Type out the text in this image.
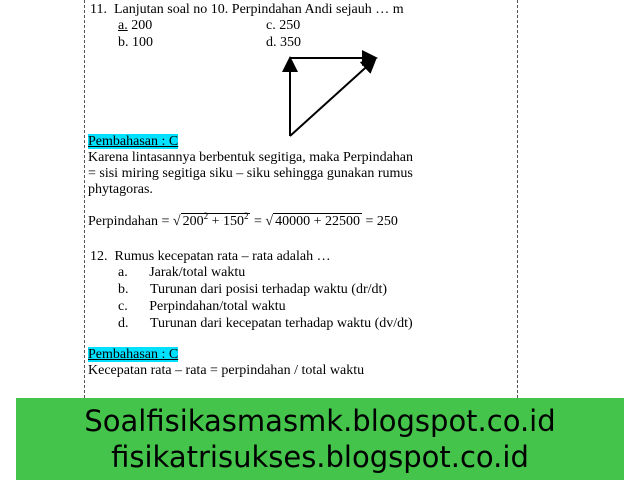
11. Lanjutan soal no 10. Perpindahan Andi sejauh … m
a. 200	c. 250
b. 100	d. 350
Pembahasan : C
Karena lintasannya berbentuk segitiga, maka Perpindahan
= sisi miring segitiga siku – siku sehingga gunakan rumus
phytagoras.
Perpindahan = √ $200^2 + 150^2$ = √ 40000 + 22500 = 250
12. Rumus kecepatan rata – rata adalah …
a. Jarak/total waktu
b. Turunan dari posisi terhadap waktu (dr/dt)
c. Perpindahan/total waktu
d. Turunan dari kecepatan terhadap waktu (dv/dt)
Pembahasan : C
Kecepatan rata – rata = perpindahan / total waktu
Soalfisikasmasmk.blogspot.co.id
fisikatrisukses.blogspot.co.id
